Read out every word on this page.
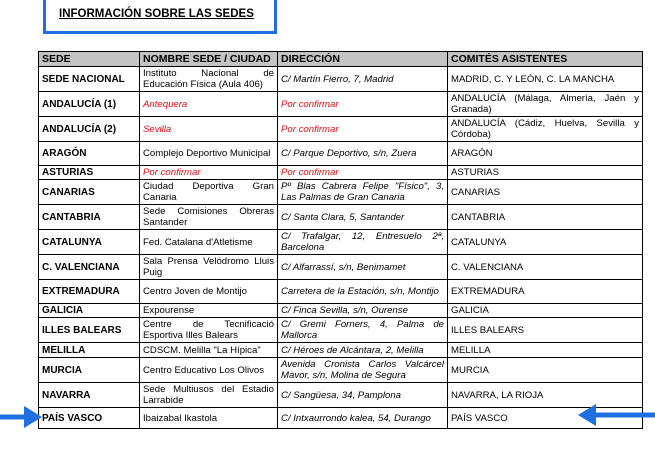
INFORMACIÓN SOBRE LAS SEDES
SEDE	NOMBRE SEDE / CIUDAD	DIRECCIÓN	COMITÉS ASISTENTES
SEDE NACIONAL	Instituto Nacional de Educación Física (Aula 406)	C/ Martín Fierro, 7, Madrid	MADRID, C. Y LEÓN, C. LA MANCHA
ANDALUCÍA (1)	Antequera	Por confirmar	ANDALUCÍA (Málaga, Almería, Jaén y Granada)
ANDALUCÍA (2)	Sevilla	Por confirmar	ANDALUCÍA (Cádiz, Huelva, Sevilla y Córdoba)
ARAGÓN	Complejo Deportivo Municipal	C/ Parque Deportivo, s/n, Zuera	ARAGÓN
ASTURIAS	Por confirmar	Por confirmar	ASTURIAS
CANARIAS	Ciudad Deportiva Gran Canaria	Pº Blas Cabrera Felipe "Físico", 3, Las Palmas de Gran Canaria	CANARIAS
CANTABRIA	Sede Comisiones Obreras Santander	C/ Santa Clara, 5, Santander	CANTABRIA
CATALUNYA	Fed. Catalana d'Atletisme	C/ Trafalgar, 12, Entresuelo 2ª, Barcelona	CATALUNYA
C. VALENCIANA	Sala Prensa Velódromo Lluis Puig	C/ Alfarrassí, s/n, Benimamet	C. VALENCIANA
EXTREMADURA	Centro Joven de Montijo	Carretera de la Estación, s/n, Montijo	EXTREMADURA
GALICIA	Expourense	C/ Finca Sevilla, s/n, Ourense	GALICIA
ILLES BALEARS	Centre de Tecnificació Esportiva Illes Balears	C/ Gremi Forners, 4, Palma de Mallorca	ILLES BALEARS
MELILLA	CDSCM. Melilla "La Hípica"	C/ Héroes de Alcántara, 2, Melilla	MELILLA
MURCIA	Centro Educativo Los Olivos	Avenida Cronista Carlos Valcárcel Mavor, s/n, Molina de Segura	MURCIA
NAVARRA	Sede Multiusos del Estadio Larrabide	C/ Sangüesa, 34, Pamplona	NAVARRA, LA RIOJA
PAÍS VASCO	Ibaizabal Ikastola	C/ Intxaurrondo kalea, 54, Durango	PAÍS VASCO
